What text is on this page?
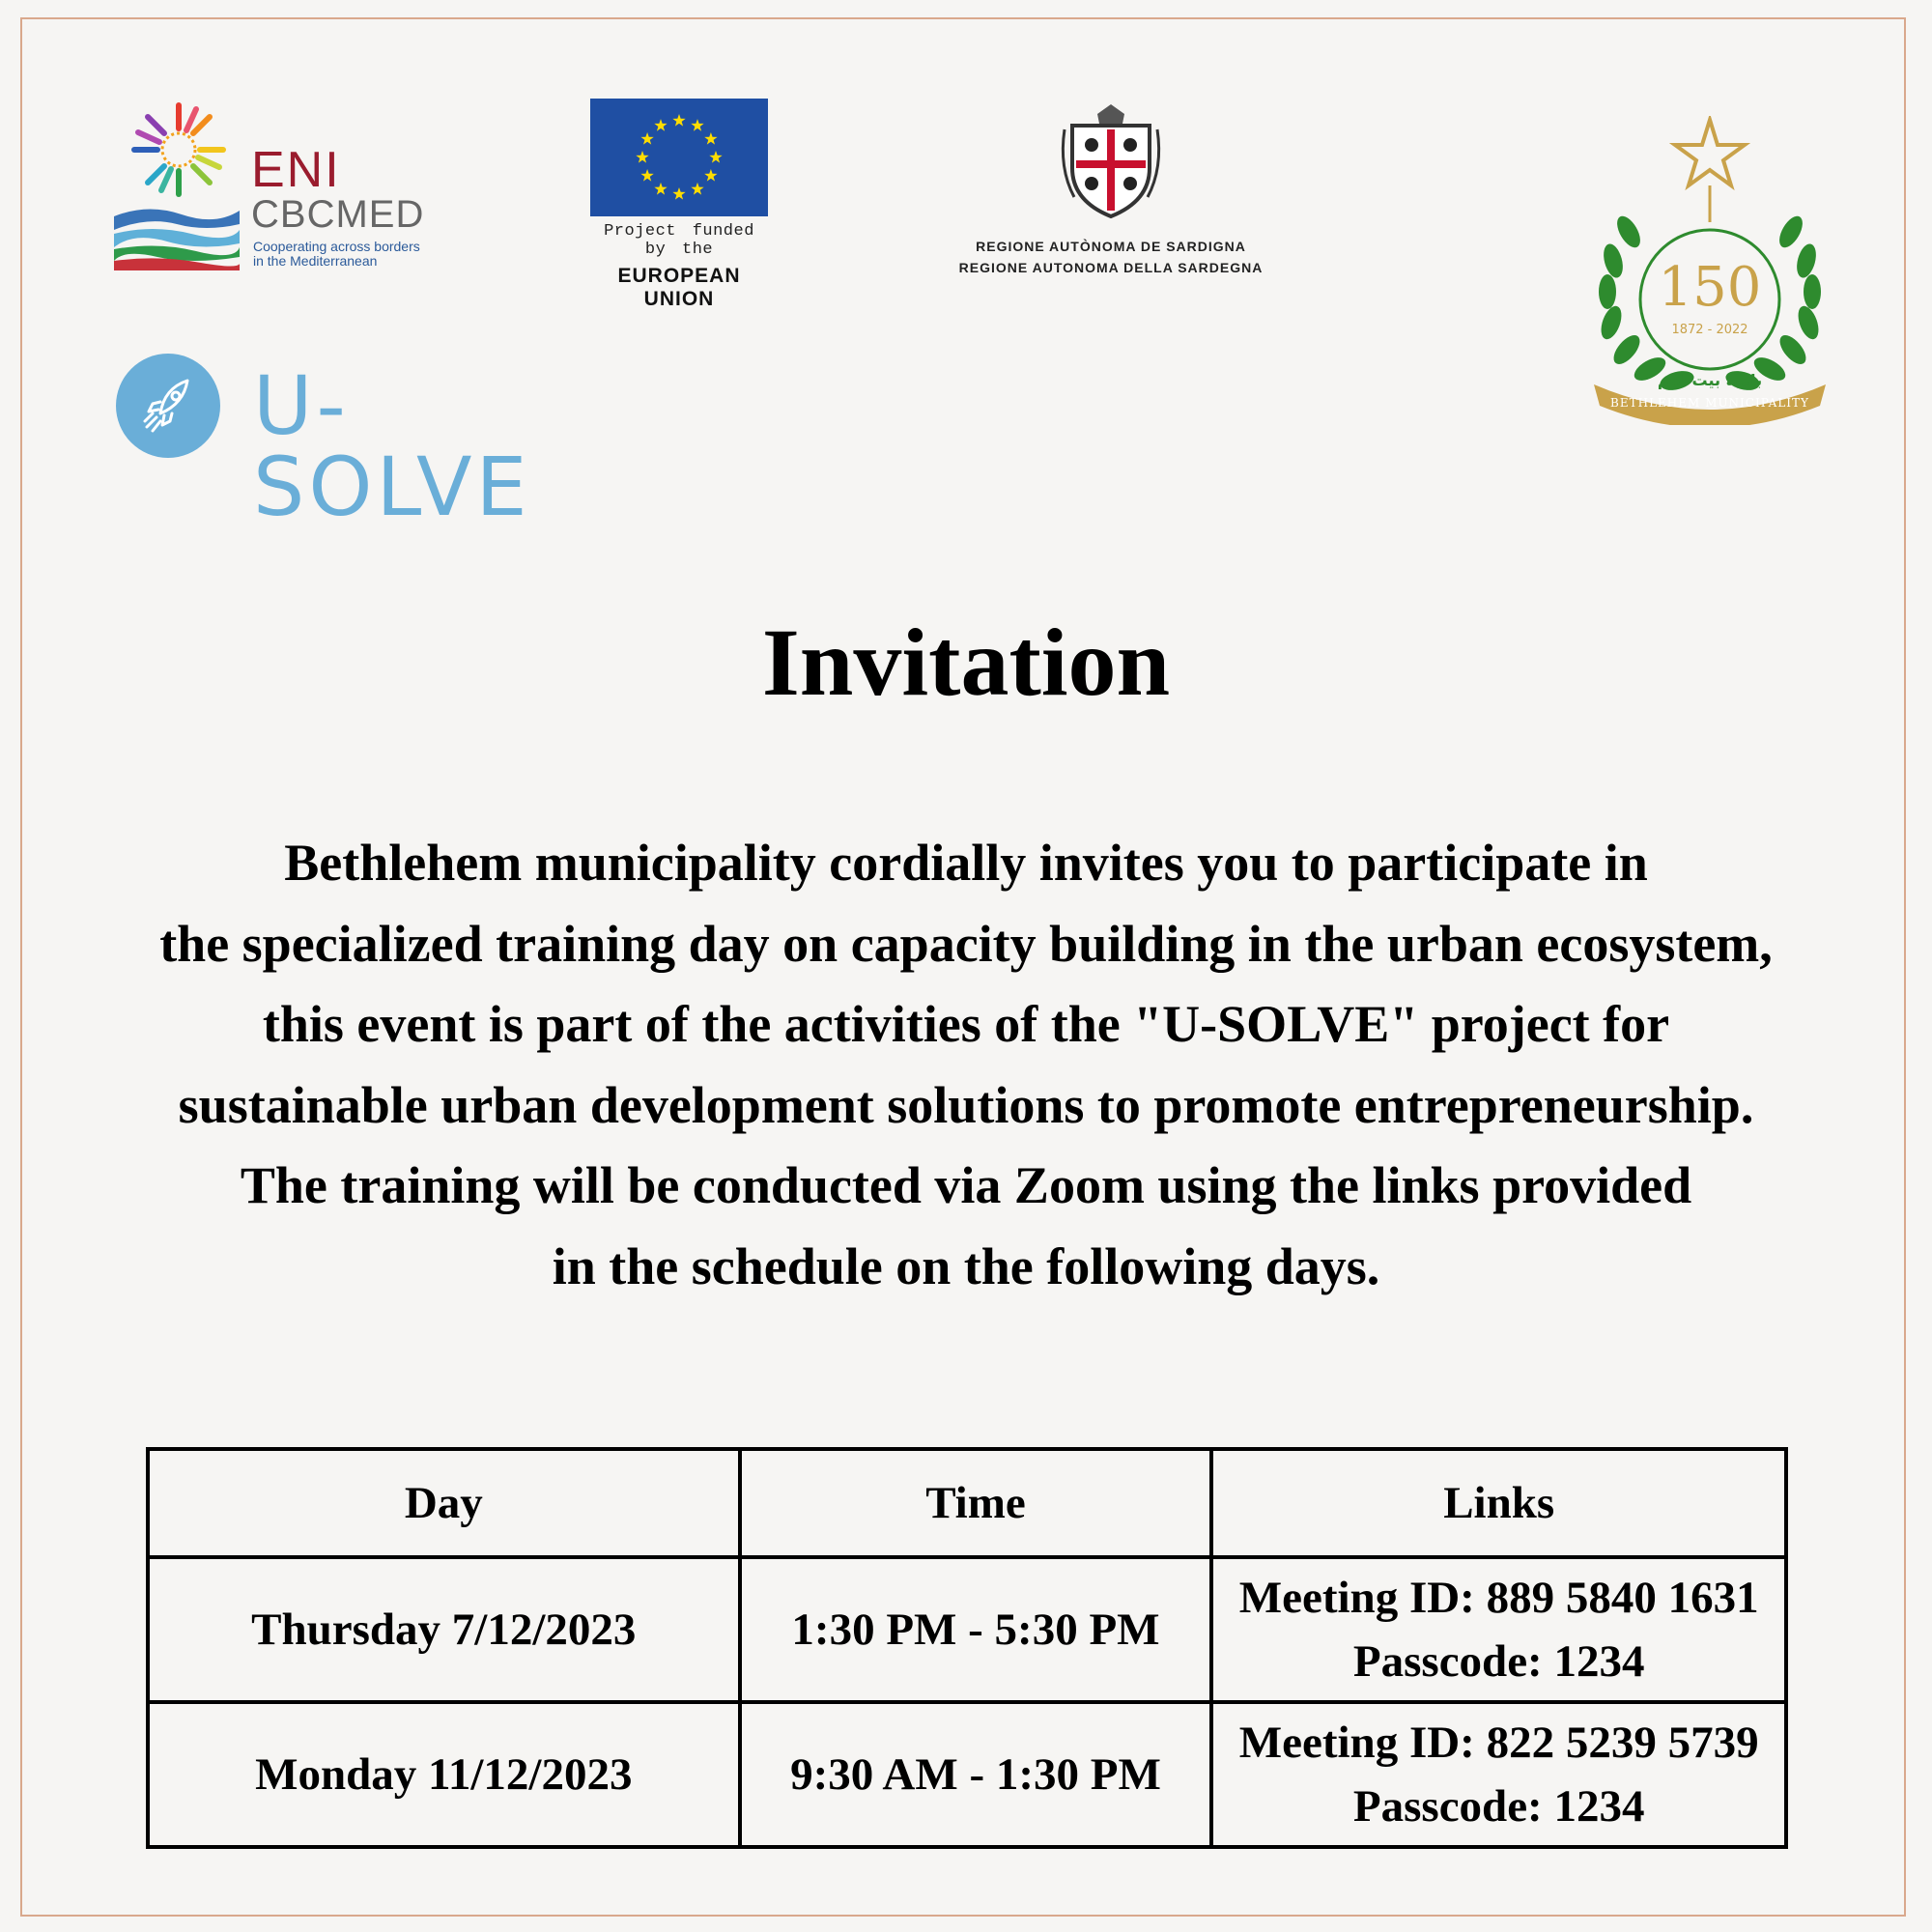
ENI
CBCMED
Cooperating across borders
in the Mediterranean
Project funded by the
EUROPEAN UNION
REGIONE AUTÒNOMA DE SARDIGNA
REGIONE AUTONOMA DELLA SARDEGNA
U-SOLVE
150
1872 - 2022
بلدية بيت لحم
BETHLEHEM MUNICIPALITY
Invitation
Bethlehem municipality cordially invites you to participate in
the specialized training day on capacity building in the urban ecosystem,
this event is part of the activities of the "U-SOLVE" project for
sustainable urban development solutions to promote entrepreneurship.
The training will be conducted via Zoom using the links provided
in the schedule on the following days.
Day	Time	Links
Thursday 7/12/2023	1:30 PM - 5:30 PM	Meeting ID: 889 5840 1631
Passcode: 1234

Monday 11/12/2023	9:30 AM - 1:30 PM	Meeting ID: 822 5239 5739
Passcode: 1234
